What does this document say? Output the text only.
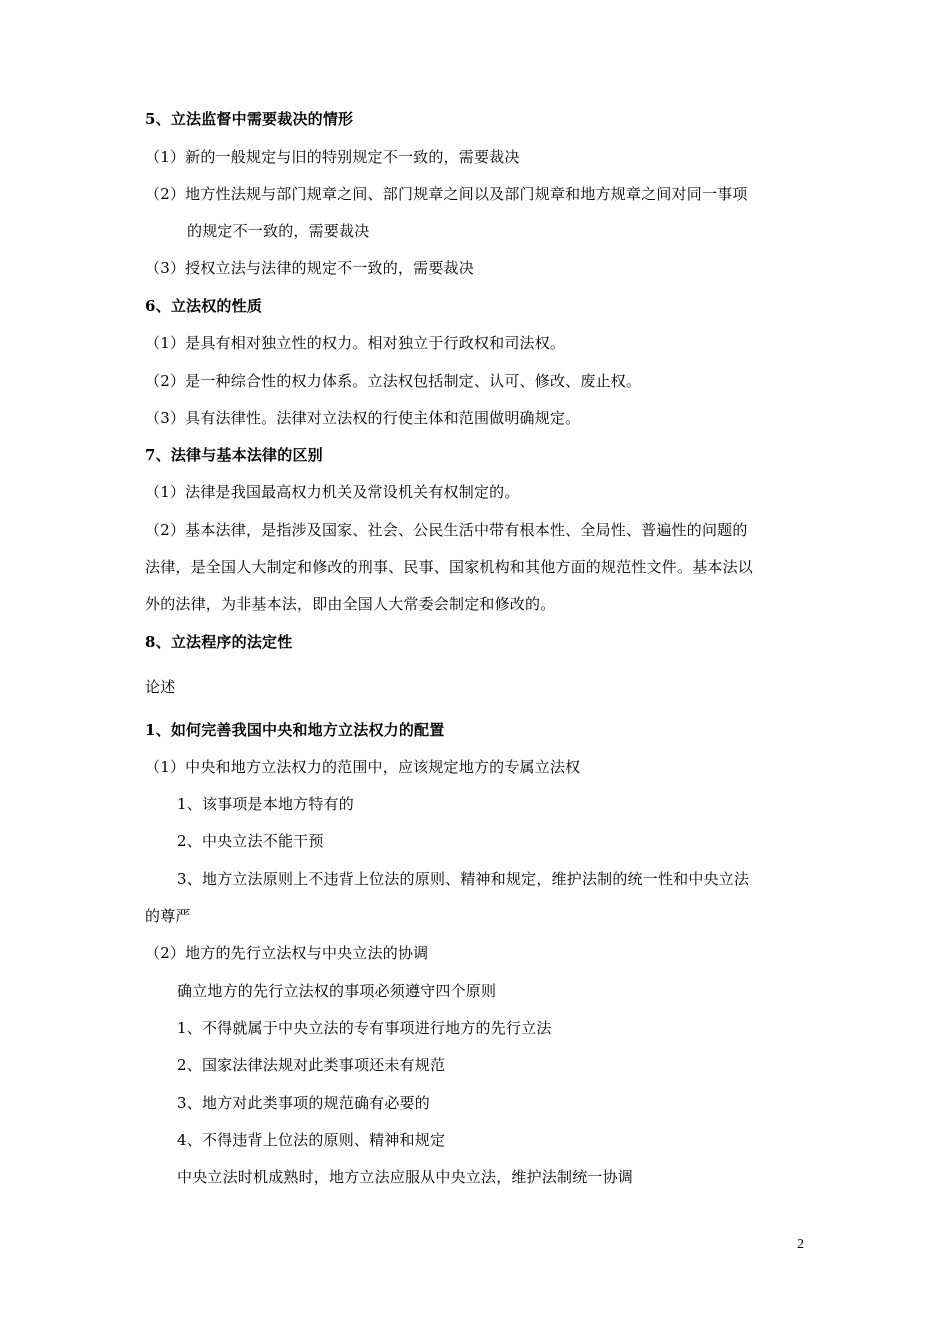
5、立法监督中需要裁决的情形
（1）新的一般规定与旧的特别规定不一致的，需要裁决
（2）地方性法规与部门规章之间、部门规章之间以及部门规章和地方规章之间对同一事项
的规定不一致的，需要裁决
（3）授权立法与法律的规定不一致的，需要裁决
6、立法权的性质
（1）是具有相对独立性的权力。相对独立于行政权和司法权。
（2）是一种综合性的权力体系。立法权包括制定、认可、修改、废止权。
（3）具有法律性。法律对立法权的行使主体和范围做明确规定。
7、法律与基本法律的区别
（1）法律是我国最高权力机关及常设机关有权制定的。
（2）基本法律，是指涉及国家、社会、公民生活中带有根本性、全局性、普遍性的问题的
法律，是全国人大制定和修改的刑事、民事、国家机构和其他方面的规范性文件。基本法以
外的法律，为非基本法，即由全国人大常委会制定和修改的。
8、立法程序的法定性
论述
1、如何完善我国中央和地方立法权力的配置
（1）中央和地方立法权力的范围中，应该规定地方的专属立法权
1、该事项是本地方特有的
2、中央立法不能干预
3、地方立法原则上不违背上位法的原则、精神和规定，维护法制的统一性和中央立法
的尊严
（2）地方的先行立法权与中央立法的协调
确立地方的先行立法权的事项必须遵守四个原则
1、不得就属于中央立法的专有事项进行地方的先行立法
2、国家法律法规对此类事项还未有规范
3、地方对此类事项的规范确有必要的
4、不得违背上位法的原则、精神和规定
中央立法时机成熟时，地方立法应服从中央立法，维护法制统一协调
2
